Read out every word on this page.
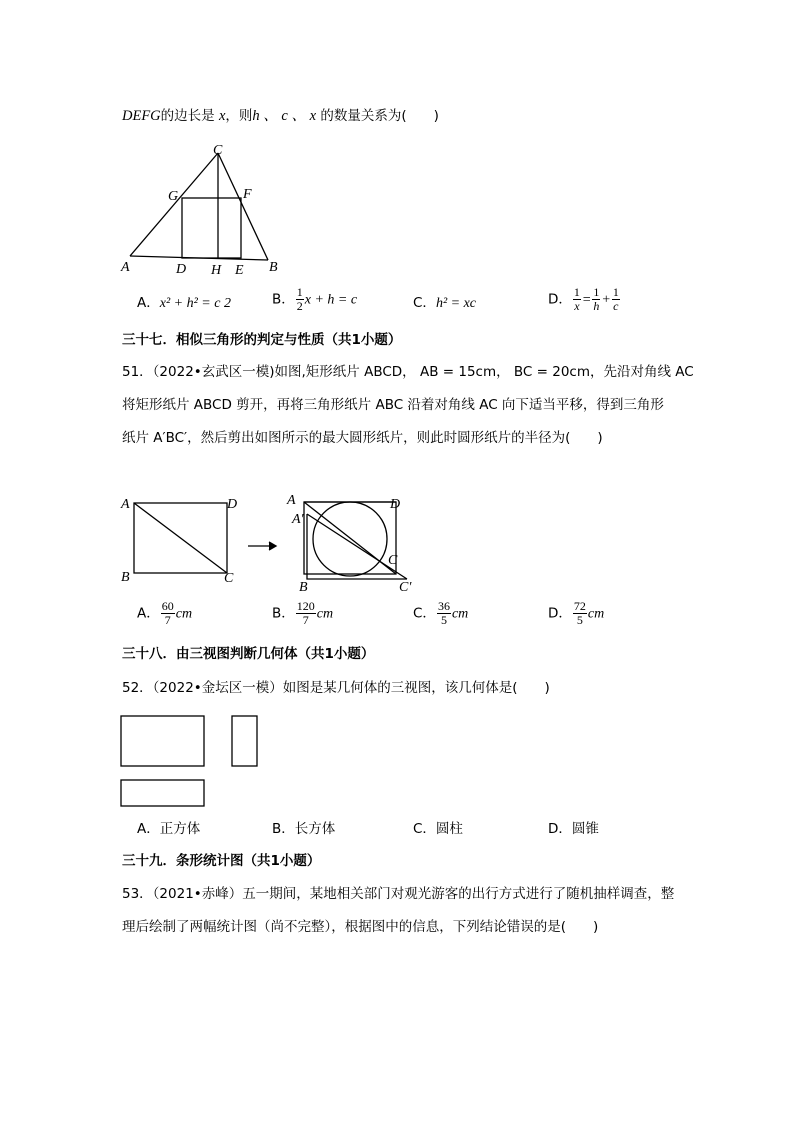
DEFG的边长是 x，则h 、 c 、 x 的数量关系为(　　)
C
G	F
A	D H E B
A．x² + h² = c 2	B． $\frac{1}{2}$ x + h = c	C．h² = xc	D． $\frac{1}{x} = \frac{1}{h} + \frac{1}{c}$
三十七．相似三角形的判定与性质（共1小题）
51．（2022•玄武区一模)如图,矩形纸片 ABCD， AB = 15cm， BC = 20cm，先沿对角线 AC
将矩形纸片 ABCD 剪开，再将三角形纸片 ABC 沿着对角线 AC 向下适当平移，得到三角形
纸片 A′BC′，然后剪出如图所示的最大圆形纸片，则此时圆形纸片的半径为(　　)
A	D
B	C
A
A′
D
C
C′
B
A． $\frac{60}{7}$ cm	B． $\frac{120}{7}$ cm	C． $\frac{36}{5}$ cm	D． $\frac{72}{5}$ cm
三十八．由三视图判断几何体（共1小题）
52．（2022•金坛区一模）如图是某几何体的三视图，该几何体是(　　)
A．正方体	B．长方体	C．圆柱	D．圆锥
三十九．条形统计图（共1小题）
53．（2021•赤峰）五一期间，某地相关部门对观光游客的出行方式进行了随机抽样调查，整
理后绘制了两幅统计图（尚不完整），根据图中的信息，下列结论错误的是(　　)
